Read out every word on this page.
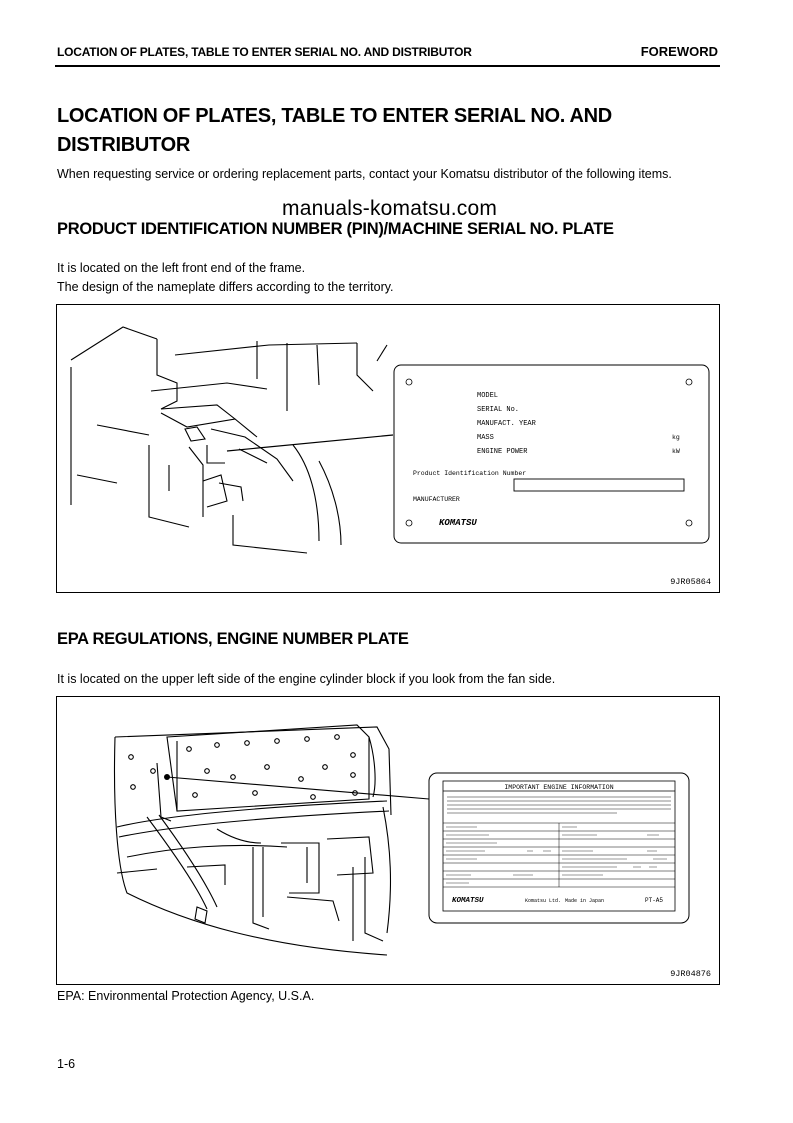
LOCATION OF PLATES, TABLE TO ENTER SERIAL NO. AND DISTRIBUTOR	FOREWORD
LOCATION OF PLATES, TABLE TO ENTER SERIAL NO. AND DISTRIBUTOR
When requesting service or ordering replacement parts, contact your Komatsu distributor of the following items.
manuals-komatsu.com
PRODUCT IDENTIFICATION NUMBER (PIN)/MACHINE SERIAL NO. PLATE
It is located on the left front end of the frame.
The design of the nameplate differs according to the territory.
MODEL
SERIAL No.
MANUFACT. YEAR
MASS	kg
ENGINE POWER	kW
Product Identification Number
MANUFACTURER
KOMATSU
9JR05864
EPA REGULATIONS, ENGINE NUMBER PLATE
It is located on the upper left side of the engine cylinder block if you look from the fan side.
IMPORTANT ENGINE INFORMATION
KOMATSU	Komatsu Ltd. Made in Japan	PT-A5
9JR04876
EPA: Environmental Protection Agency, U.S.A.
1-6
